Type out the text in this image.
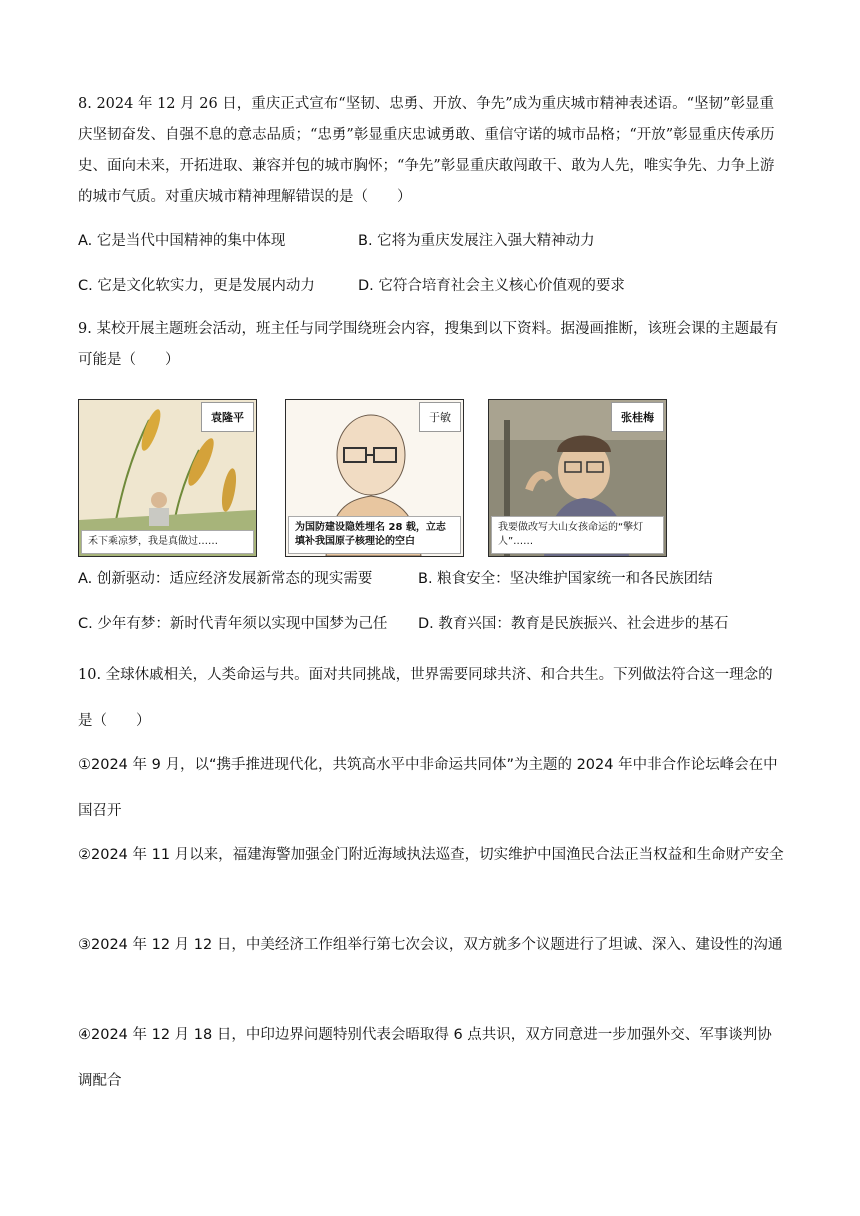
8. 2024 年 12 月 26 日，重庆正式宣布“坚韧、忠勇、开放、争先”成为重庆城市精神表述语。“坚韧”彰显重庆坚韧奋发、自强不息的意志品质；“忠勇”彰显重庆忠诚勇敢、重信守诺的城市品格；“开放”彰显重庆传承历史、面向未来，开拓进取、兼容并包的城市胸怀；“争先”彰显重庆敢闯敢干、敢为人先，唯实争先、力争上游的城市气质。对重庆城市精神理解错误的是（　　）
A. 它是当代中国精神的集中体现	B. 它将为重庆发展注入强大精神动力
C. 它是文化软实力，更是发展内动力	D. 它符合培育社会主义核心价值观的要求
9. 某校开展主题班会活动，班主任与同学围绕班会内容，搜集到以下资料。据漫画推断，该班会课的主题最有可能是（　　）
袁隆平
禾下乘凉梦，我是真做过……
于敏
为国防建设隐姓埋名 28 载，立志填补我国原子核理论的空白
张桂梅
我要做改写大山女孩命运的“擎灯人”……
A. 创新驱动：适应经济发展新常态的现实需要	B. 粮食安全：坚决维护国家统一和各民族团结
C. 少年有梦：新时代青年须以实现中国梦为己任 D. 教育兴国：教育是民族振兴、社会进步的基石
10. 全球休戚相关，人类命运与共。面对共同挑战，世界需要同球共济、和合共生。下列做法符合这一理念的是（　　）
①2024 年 9 月，以“携手推进现代化，共筑高水平中非命运共同体”为主题的 2024 年中非合作论坛峰会在中国召开
②2024 年 11 月以来，福建海警加强金门附近海域执法巡查，切实维护中国渔民合法正当权益和生命财产安全
③2024 年 12 月 12 日，中美经济工作组举行第七次会议，双方就多个议题进行了坦诚、深入、建设性的沟通
④2024 年 12 月 18 日，中印边界问题特别代表会晤取得 6 点共识，双方同意进一步加强外交、军事谈判协调配合
